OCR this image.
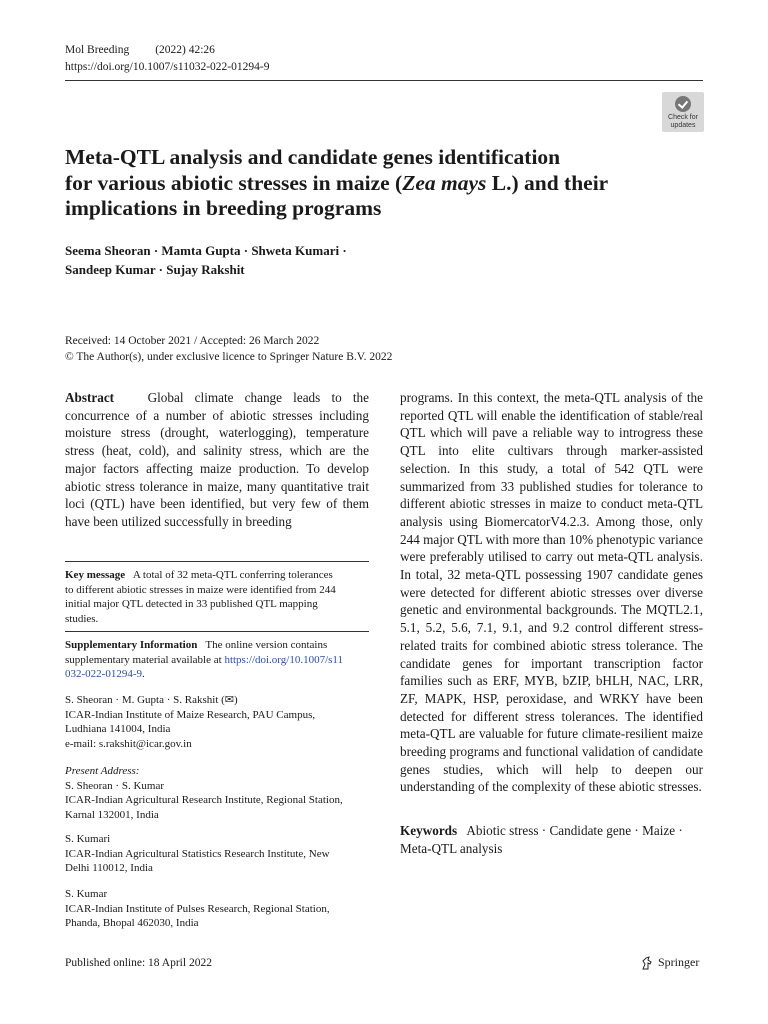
Mol Breeding (2022) 42:26
https://doi.org/10.1007/s11032-022-01294-9
Check for
updates
Meta-QTL analysis and candidate genes identification
for various abiotic stresses in maize (Zea mays L.) and their
implications in breeding programs
Seema Sheoran · Mamta Gupta · Shweta Kumari ·
Sandeep Kumar · Sujay Rakshit
Received: 14 October 2021 / Accepted: 26 March 2022
© The Author(s), under exclusive licence to Springer Nature B.V. 2022
Abstract	Global climate change leads to the concurrence of a number of abiotic stresses including moisture stress (drought, waterlogging), temperature stress (heat, cold), and salinity stress, which are the major factors affecting maize production. To develop abiotic stress tolerance in maize, many quantitative trait loci (QTL) have been identified, but very few of them have been utilized successfully in breeding
Key message A total of 32 meta-QTL conferring tolerances to different abiotic stresses in maize were identified from 244 initial major QTL detected in 33 published QTL mapping studies.
Supplementary Information The online version contains supplementary material available at https://doi.org/10.1007/s11032-022-01294-9.
S. Sheoran · M. Gupta · S. Rakshit (✉)
ICAR-Indian Institute of Maize Research, PAU Campus, Ludhiana 141004, India
e-mail: s.rakshit@icar.gov.in
Present Address:
S. Sheoran · S. Kumar
ICAR-Indian Agricultural Research Institute, Regional Station, Karnal 132001, India
S. Kumari
ICAR-Indian Agricultural Statistics Research Institute, New Delhi 110012, India
S. Kumar
ICAR-Indian Institute of Pulses Research, Regional Station, Phanda, Bhopal 462030, India
programs. In this context, the meta-QTL analysis of the reported QTL will enable the identification of stable/real QTL which will pave a reliable way to introgress these QTL into elite cultivars through marker-assisted selection. In this study, a total of 542 QTL were summarized from 33 published studies for tolerance to different abiotic stresses in maize to conduct meta-QTL analysis using BiomercatorV4.2.3. Among those, only 244 major QTL with more than 10% phenotypic variance were preferably utilised to carry out meta-QTL analysis. In total, 32 meta-QTL possessing 1907 candidate genes were detected for different abiotic stresses over diverse genetic and environmental backgrounds. The MQTL2.1, 5.1, 5.2, 5.6, 7.1, 9.1, and 9.2 control different stress-related traits for combined abiotic stress tolerance. The candidate genes for important transcription factor families such as ERF, MYB, bZIP, bHLH, NAC, LRR, ZF, MAPK, HSP, peroxidase, and WRKY have been detected for different stress tolerances. The identified meta-QTL are valuable for future climate-resilient maize breeding programs and functional validation of candidate genes studies, which will help to deepen our understanding of the complexity of these abiotic stresses.
Keywords Abiotic stress · Candidate gene · Maize · Meta-QTL analysis
Published online: 18 April 2022	Springer
